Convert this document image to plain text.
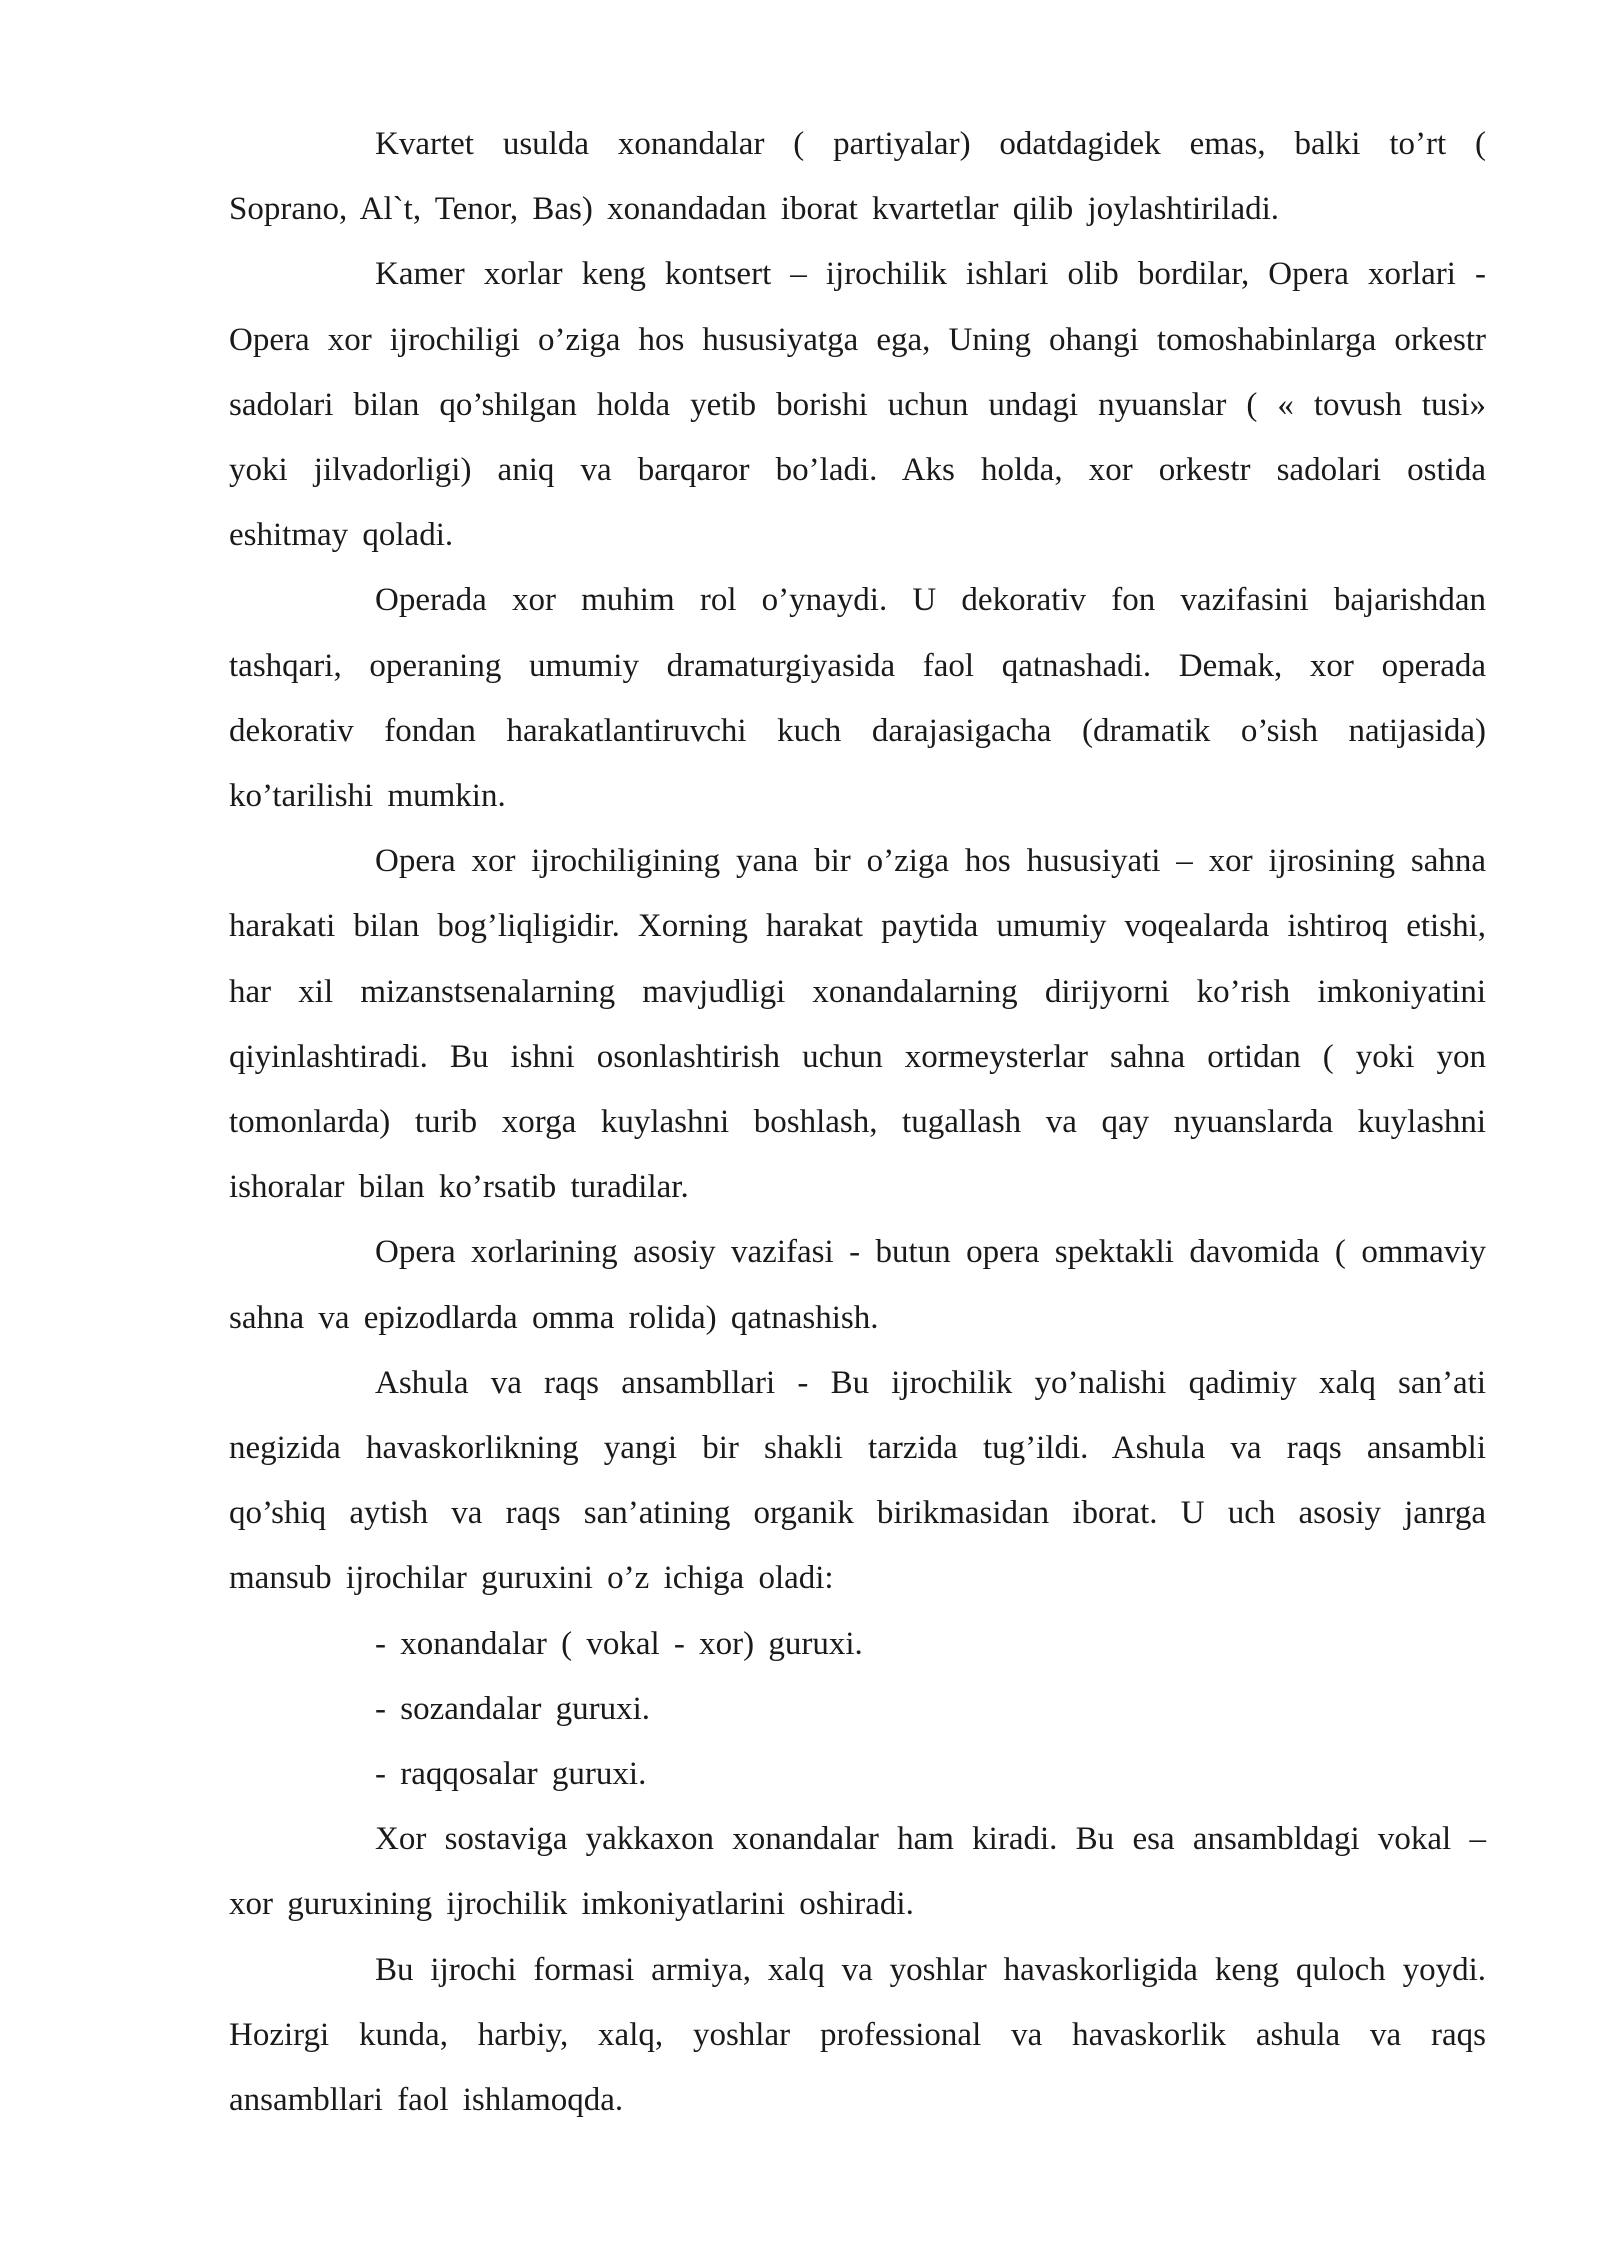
Kvartet usulda xonandalar ( partiyalar) odatdagidek emas, balki to’rt ( Soprano, Al`t, Tenor, Bas) xonandadan iborat kvartetlar qilib joylashtiriladi.

Kamer xorlar keng kontsert – ijrochilik ishlari olib bordilar, Opera xorlari - Opera xor ijrochiligi o’ziga hos hususiyatga ega, Uning ohangi tomoshabinlarga orkestr sadolari bilan qo’shilgan holda yetib borishi uchun undagi nyuanslar ( « tovush tusi» yoki jilvadorligi) aniq va barqaror bo’ladi. Aks holda, xor orkestr sadolari ostida eshitmay qoladi.

Operada xor muhim rol o’ynaydi. U dekorativ fon vazifasini bajarishdan tashqari, operaning umumiy dramaturgiyasida faol qatnashadi. Demak, xor operada dekorativ fondan harakatlantiruvchi kuch darajasigacha (dramatik o’sish natijasida) ko’tarilishi mumkin.

Opera xor ijrochiligining yana bir o’ziga hos hususiyati – xor ijrosining sahna harakati bilan bog’liqligidir. Xorning harakat paytida umumiy voqealarda ishtiroq etishi, har xil mizanstsenalarning mavjudligi xonandalarning dirijyorni ko’rish imkoniyatini qiyinlashtiradi. Bu ishni osonlashtirish uchun xormeysterlar sahna ortidan ( yoki yon tomonlarda) turib xorga kuylashni boshlash, tugallash va qay nyuanslarda kuylashni ishoralar bilan ko’rsatib turadilar.

Opera xorlarining asosiy vazifasi - butun opera spektakli davomida ( ommaviy sahna va epizodlarda omma rolida) qatnashish.

Ashula va raqs ansambllari - Bu ijrochilik yo’nalishi qadimiy xalq san’ati negizida havaskorlikning yangi bir shakli tarzida tug’ildi. Ashula va raqs ansambli qo’shiq aytish va raqs san’atining organik birikmasidan iborat. U uch asosiy janrga mansub ijrochilar guruxini o’z ichiga oladi:

- xonandalar ( vokal - xor) guruxi.

- sozandalar guruxi.

- raqqosalar guruxi.

Xor sostaviga yakkaxon xonandalar ham kiradi. Bu esa ansambldagi vokal – xor guruxining ijrochilik imkoniyatlarini oshiradi.

Bu ijrochi formasi armiya, xalq va yoshlar havaskorligida keng quloch yoydi. Hozirgi kunda, harbiy, xalq, yoshlar professional va havaskorlik ashula va raqs ansambllari faol ishlamoqda.
